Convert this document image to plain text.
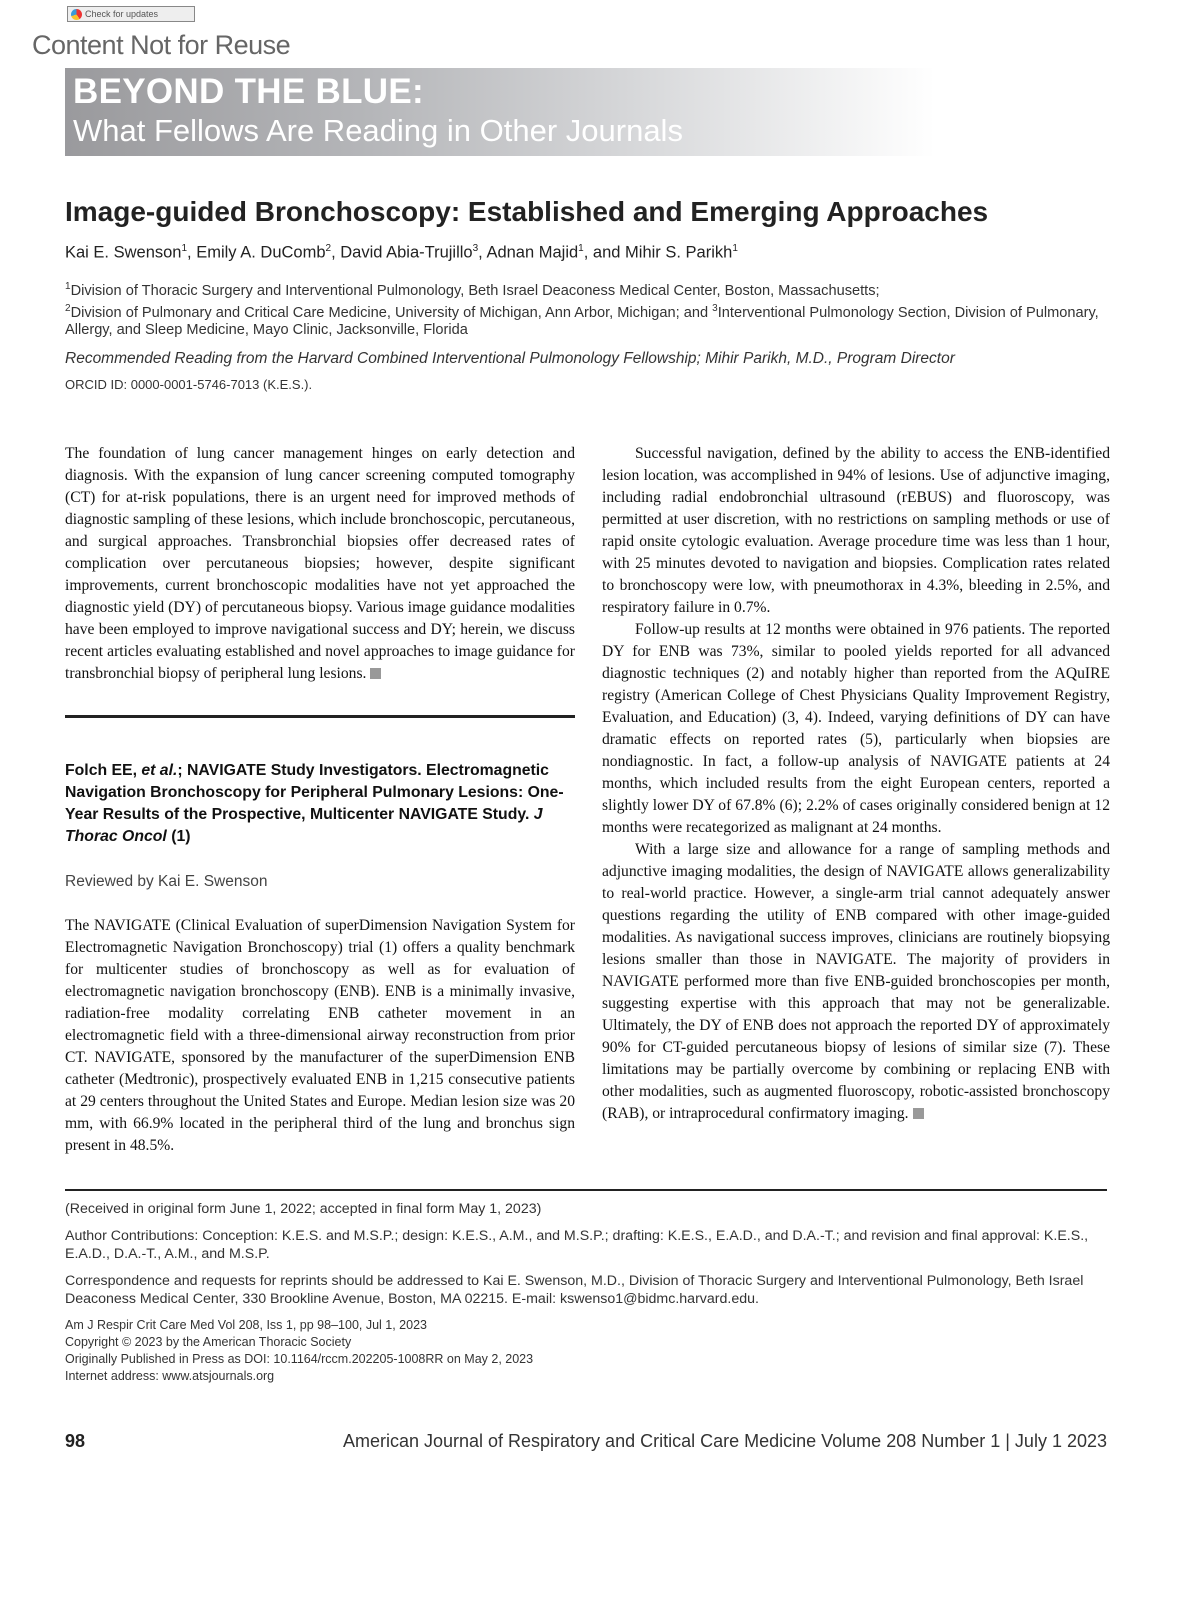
Check for updates
Content Not for Reuse
BEYOND THE BLUE:
What Fellows Are Reading in Other Journals
Image-guided Bronchoscopy: Established and Emerging Approaches
Kai E. Swenson$^1$, Emily A. DuComb$^2$, David Abia-Trujillo$^3$, Adnan Majid$^1$, and Mihir S. Parikh$^1$
$^1$Division of Thoracic Surgery and Interventional Pulmonology, Beth Israel Deaconess Medical Center, Boston, Massachusetts;
$^2$Division of Pulmonary and Critical Care Medicine, University of Michigan, Ann Arbor, Michigan; and $^3$Interventional Pulmonology Section, Division of Pulmonary, Allergy, and Sleep Medicine, Mayo Clinic, Jacksonville, Florida
Recommended Reading from the Harvard Combined Interventional Pulmonology Fellowship; Mihir Parikh, M.D., Program Director
ORCID ID: 0000-0001-5746-7013 (K.E.S.).

The foundation of lung cancer management hinges on early detection and diagnosis. With the expansion of lung cancer screening computed tomography (CT) for at-risk populations, there is an urgent need for improved methods of diagnostic sampling of these lesions, which include bronchoscopic, percutaneous, and surgical approaches. Transbronchial biopsies offer decreased rates of complication over percutaneous biopsies; however, despite significant improvements, current bronchoscopic modalities have not yet approached the diagnostic yield (DY) of percutaneous biopsy. Various image guidance modalities have been employed to improve navigational success and DY; herein, we discuss recent articles evaluating established and novel approaches to image guidance for transbronchial biopsy of peripheral lung lesions.

Folch EE, et al.; NAVIGATE Study Investigators. Electromagnetic Navigation Bronchoscopy for Peripheral Pulmonary Lesions: One-Year Results of the Prospective, Multicenter NAVIGATE Study. J Thorac Oncol (1)
Reviewed by Kai E. Swenson

The NAVIGATE (Clinical Evaluation of superDimension Navigation System for Electromagnetic Navigation Bronchoscopy) trial (1) offers a quality benchmark for multicenter studies of bronchoscopy as well as for evaluation of electromagnetic navigation bronchoscopy (ENB). ENB is a minimally invasive, radiation-free modality correlating ENB catheter movement in an electromagnetic field with a three-dimensional airway reconstruction from prior CT. NAVIGATE, sponsored by the manufacturer of the superDimension ENB catheter (Medtronic), prospectively evaluated ENB in 1,215 consecutive patients at 29 centers throughout the United States and Europe. Median lesion size was 20 mm, with 66.9% located in the peripheral third of the lung and bronchus sign present in 48.5%.

Successful navigation, defined by the ability to access the ENB-identified lesion location, was accomplished in 94% of lesions. Use of adjunctive imaging, including radial endobronchial ultrasound (rEBUS) and fluoroscopy, was permitted at user discretion, with no restrictions on sampling methods or use of rapid onsite cytologic evaluation. Average procedure time was less than 1 hour, with 25 minutes devoted to navigation and biopsies. Complication rates related to bronchoscopy were low, with pneumothorax in 4.3%, bleeding in 2.5%, and respiratory failure in 0.7%.

Follow-up results at 12 months were obtained in 976 patients. The reported DY for ENB was 73%, similar to pooled yields reported for all advanced diagnostic techniques (2) and notably higher than reported from the AQuIRE registry (American College of Chest Physicians Quality Improvement Registry, Evaluation, and Education) (3, 4). Indeed, varying definitions of DY can have dramatic effects on reported rates (5), particularly when biopsies are nondiagnostic. In fact, a follow-up analysis of NAVIGATE patients at 24 months, which included results from the eight European centers, reported a slightly lower DY of 67.8% (6); 2.2% of cases originally considered benign at 12 months were recategorized as malignant at 24 months.

With a large size and allowance for a range of sampling methods and adjunctive imaging modalities, the design of NAVIGATE allows generalizability to real-world practice. However, a single-arm trial cannot adequately answer questions regarding the utility of ENB compared with other image-guided modalities. As navigational success improves, clinicians are routinely biopsying lesions smaller than those in NAVIGATE. The majority of providers in NAVIGATE performed more than five ENB-guided bronchoscopies per month, suggesting expertise with this approach that may not be generalizable. Ultimately, the DY of ENB does not approach the reported DY of approximately 90% for CT-guided percutaneous biopsy of lesions of similar size (7). These limitations may be partially overcome by combining or replacing ENB with other modalities, such as augmented fluoroscopy, robotic-assisted bronchoscopy (RAB), or intraprocedural confirmatory imaging.

(Received in original form June 1, 2022; accepted in final form May 1, 2023)
Author Contributions: Conception: K.E.S. and M.S.P.; design: K.E.S., A.M., and M.S.P.; drafting: K.E.S., E.A.D., and D.A.-T.; and revision and final approval: K.E.S., E.A.D., D.A.-T., A.M., and M.S.P.
Correspondence and requests for reprints should be addressed to Kai E. Swenson, M.D., Division of Thoracic Surgery and Interventional Pulmonology, Beth Israel Deaconess Medical Center, 330 Brookline Avenue, Boston, MA 02215. E-mail: kswenso1@bidmc.harvard.edu.
Am J Respir Crit Care Med Vol 208, Iss 1, pp 98–100, Jul 1, 2023
Copyright © 2023 by the American Thoracic Society
Originally Published in Press as DOI: 10.1164/rccm.202205-1008RR on May 2, 2023
Internet address: www.atsjournals.org
98	American Journal of Respiratory and Critical Care Medicine Volume 208 Number 1 | July 1 2023
